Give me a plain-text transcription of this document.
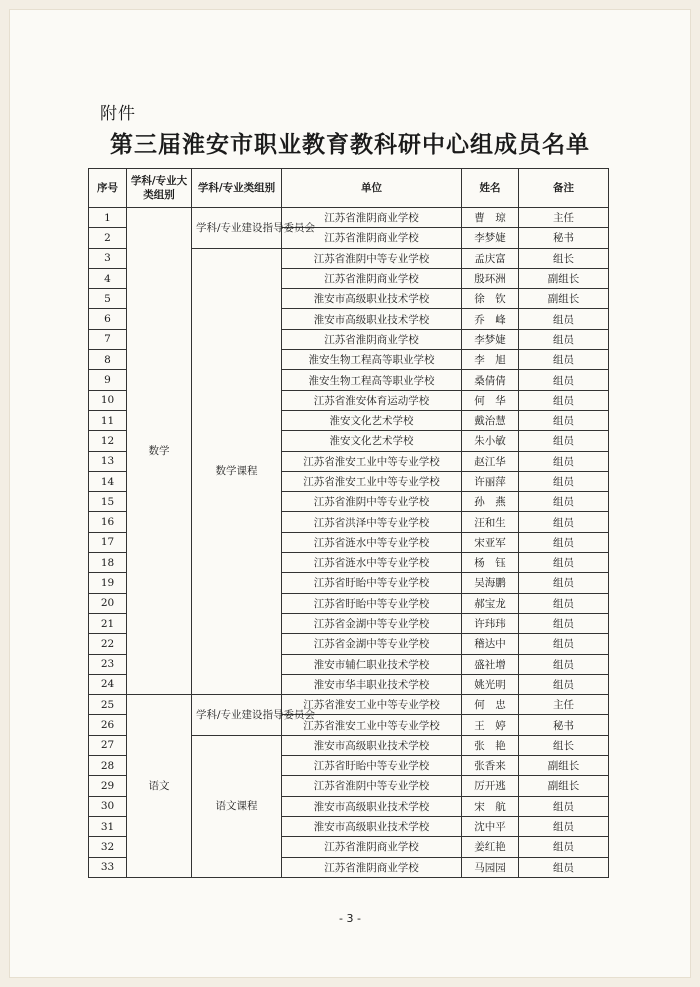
附件
第三届淮安市职业教育教科研中心组成员名单
序号	学科/专业大类组别	学科/专业类组别	单位	姓名	备注
1	数学	学科/专业建设指导委员会	江苏省淮阴商业学校	曹　琼	主任
2			江苏省淮阴商业学校	李梦婕	秘书
3		数学课程	江苏省淮阴中等专业学校	孟庆富	组长
4			江苏省淮阴商业学校	殷环洲	副组长
5			淮安市高级职业技术学校	徐　钦	副组长
6			淮安市高级职业技术学校	乔　峰	组员
7			江苏省淮阴商业学校	李梦婕	组员
8			淮安生物工程高等职业学校	李　旭	组员
9			淮安生物工程高等职业学校	桑倩倩	组员
10			江苏省淮安体育运动学校	何　华	组员
11			淮安文化艺术学校	戴治慧	组员
12			淮安文化艺术学校	朱小敏	组员
13			江苏省淮安工业中等专业学校	赵江华	组员
14			江苏省淮安工业中等专业学校	许丽萍	组员
15			江苏省淮阴中等专业学校	孙　燕	组员
16			江苏省洪泽中等专业学校	汪和生	组员
17			江苏省涟水中等专业学校	宋亚军	组员
18			江苏省涟水中等专业学校	杨　钰	组员
19			江苏省盱眙中等专业学校	吴海鹏	组员
20			江苏省盱眙中等专业学校	郝宝龙	组员
21			江苏省金湖中等专业学校	许玮玮	组员
22			江苏省金湖中等专业学校	稽达中	组员
23			淮安市辅仁职业技术学校	盛社增	组员
24			淮安市华丰职业技术学校	姚光明	组员
25	语文	学科/专业建设指导委员会	江苏省淮安工业中等专业学校	何　忠	主任
26			江苏省淮安工业中等专业学校	王　婷	秘书
27		语文课程	淮安市高级职业技术学校	张　艳	组长
28			江苏省盱眙中等专业学校	张香来	副组长
29			江苏省淮阴中等专业学校	厉开逃	副组长
30			淮安市高级职业技术学校	宋　航	组员
31			淮安市高级职业技术学校	沈中平	组员
32			江苏省淮阴商业学校	姜红艳	组员
33			江苏省淮阴商业学校	马园园	组员
- 3 -
